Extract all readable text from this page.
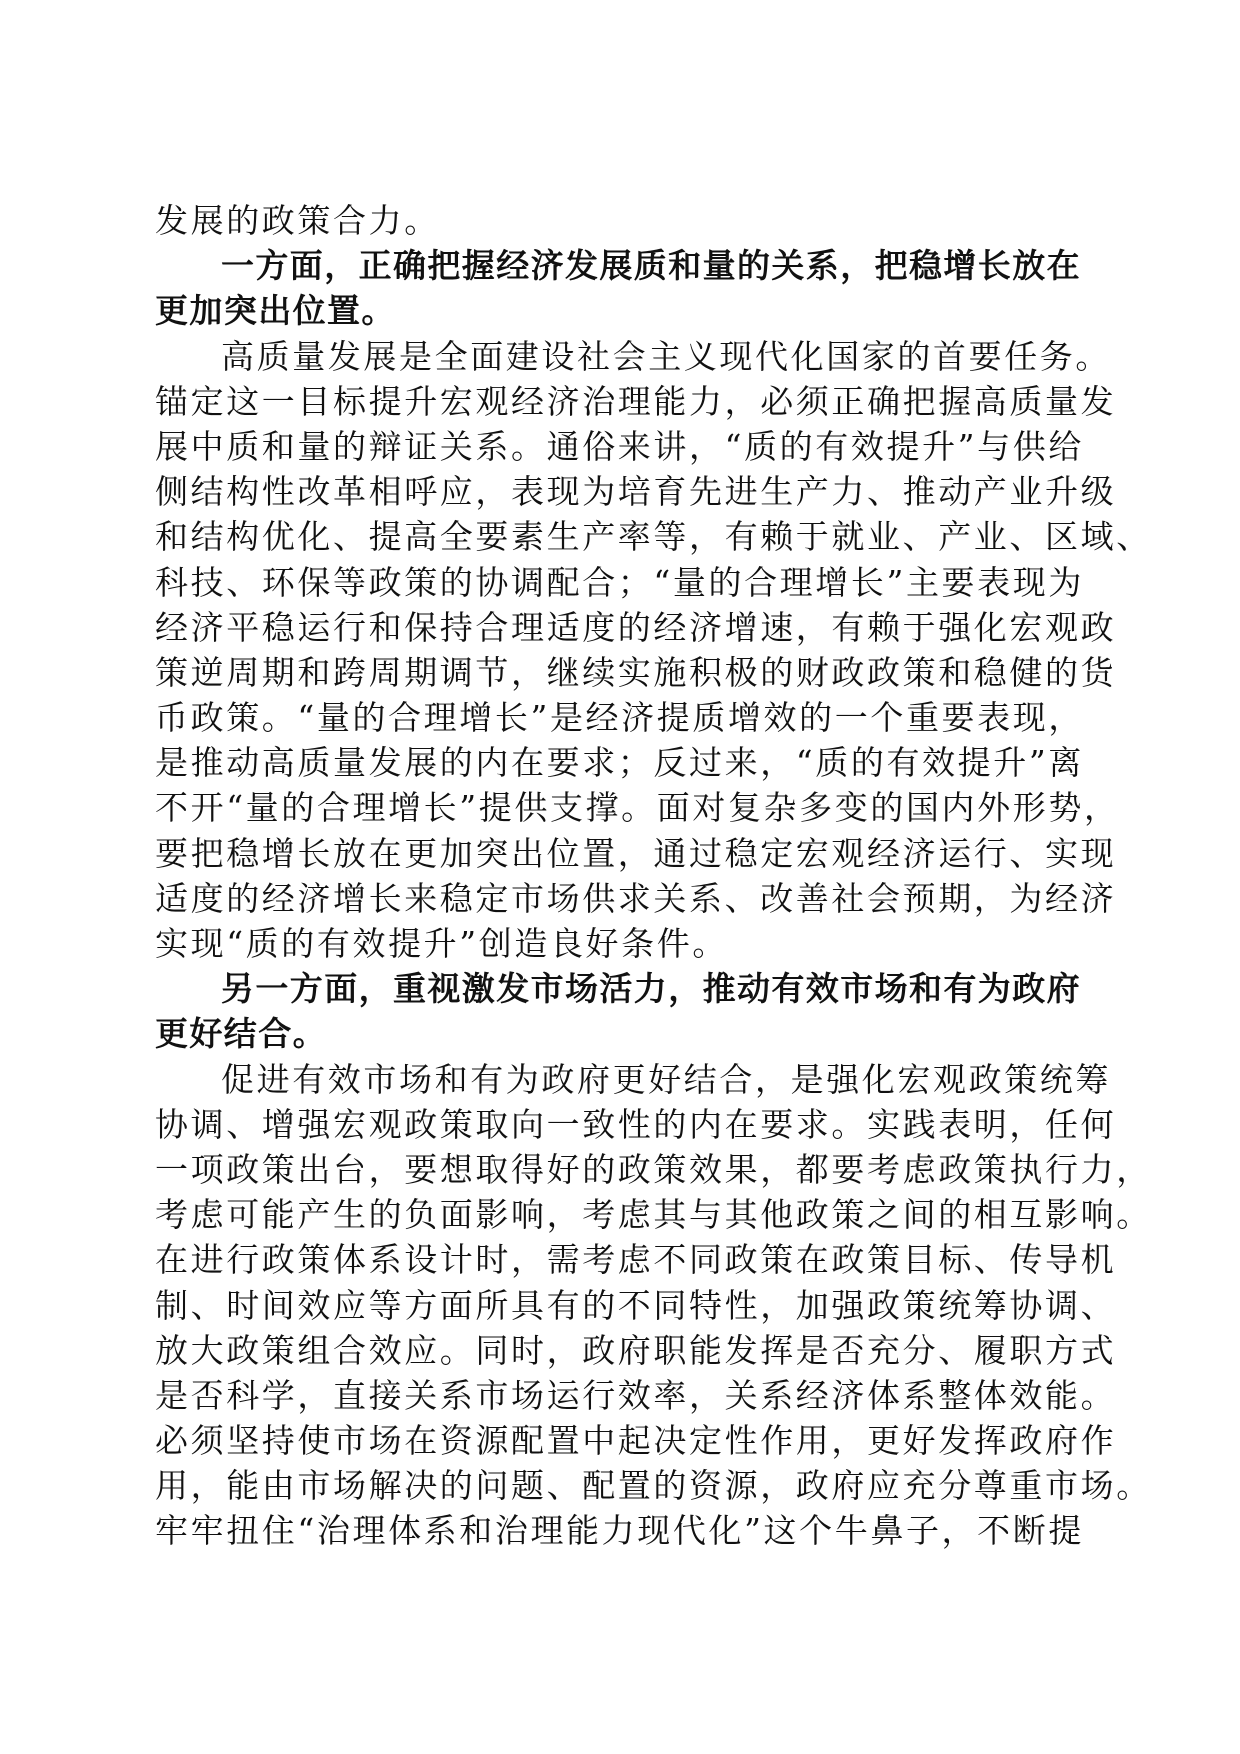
发展的政策合力。
一方面，正确把握经济发展质和量的关系，把稳增长放在
更加突出位置。
高质量发展是全面建设社会主义现代化国家的首要任务。
锚定这一目标提升宏观经济治理能力，必须正确把握高质量发
展中质和量的辩证关系。通俗来讲，“质的有效提升”与供给
侧结构性改革相呼应，表现为培育先进生产力、推动产业升级
和结构优化、提高全要素生产率等，有赖于就业、产业、区域、
科技、环保等政策的协调配合；“量的合理增长”主要表现为
经济平稳运行和保持合理适度的经济增速，有赖于强化宏观政
策逆周期和跨周期调节，继续实施积极的财政政策和稳健的货
币政策。“量的合理增长”是经济提质增效的一个重要表现，
是推动高质量发展的内在要求；反过来，“质的有效提升”离
不开“量的合理增长”提供支撑。面对复杂多变的国内外形势，
要把稳增长放在更加突出位置，通过稳定宏观经济运行、实现
适度的经济增长来稳定市场供求关系、改善社会预期，为经济
实现“质的有效提升”创造良好条件。
另一方面，重视激发市场活力，推动有效市场和有为政府
更好结合。
促进有效市场和有为政府更好结合，是强化宏观政策统筹
协调、增强宏观政策取向一致性的内在要求。实践表明，任何
一项政策出台，要想取得好的政策效果，都要考虑政策执行力，
考虑可能产生的负面影响，考虑其与其他政策之间的相互影响。
在进行政策体系设计时，需考虑不同政策在政策目标、传导机
制、时间效应等方面所具有的不同特性，加强政策统筹协调、
放大政策组合效应。同时，政府职能发挥是否充分、履职方式
是否科学，直接关系市场运行效率，关系经济体系整体效能。
必须坚持使市场在资源配置中起决定性作用，更好发挥政府作
用，能由市场解决的问题、配置的资源，政府应充分尊重市场。
牢牢扭住“治理体系和治理能力现代化”这个牛鼻子，不断提
